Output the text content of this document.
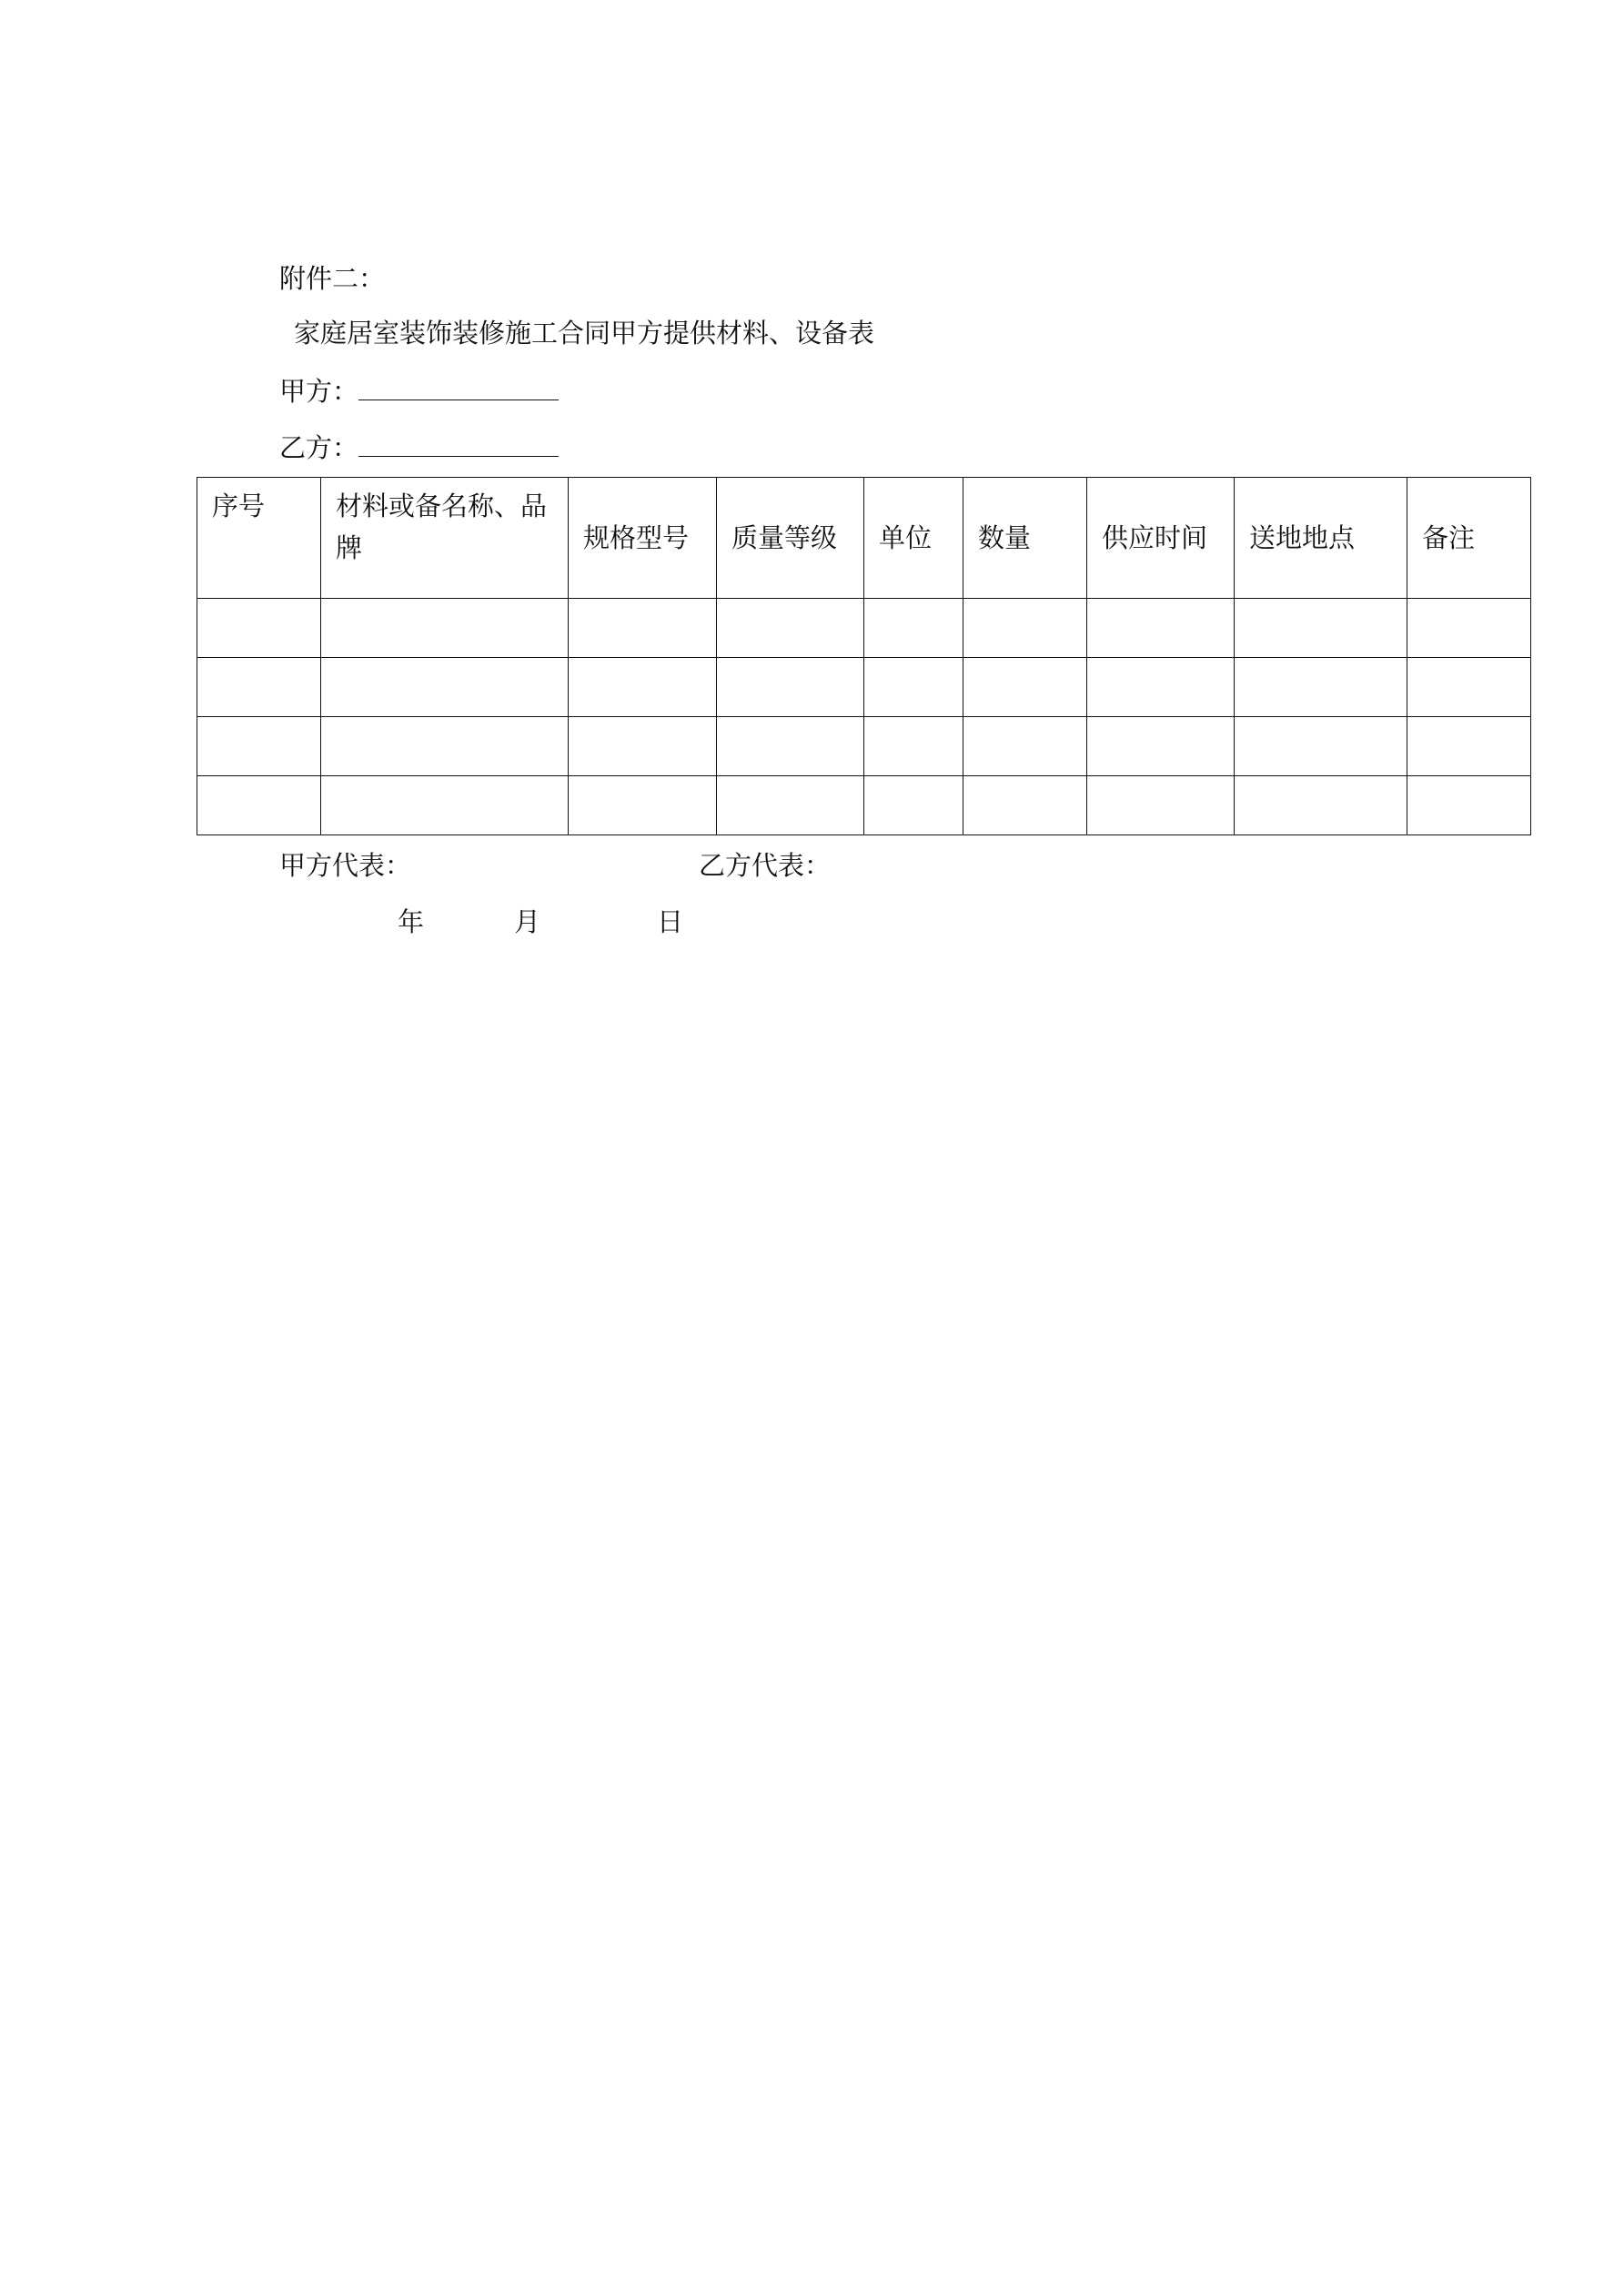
附件二：
家庭居室装饰装修施工合同甲方提供材料、设备表
甲方：
乙方：
序号	材料或备名称、品牌	规格型号	质量等级	单位	数量	供应时间	送地地点	备注

甲方代表：	乙方代表：
年	月	日
